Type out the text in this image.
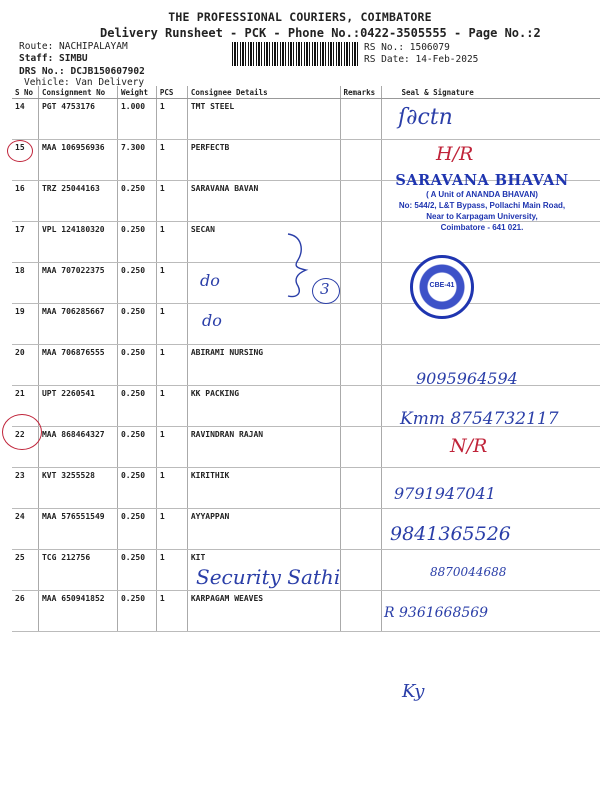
THE PROFESSIONAL COURIERS, COIMBATORE
Delivery Runsheet - PCK - Phone No.:0422-3505555 - Page No.:2
Route: NACHIPALAYAM
Staff: SIMBU
DRS No.: DCJB150607902
Vehicle: Van Delivery
RS No.: 1506079
RS Date: 14-Feb-2025
S No	Consignment No	Weight	PCS	Consignee Details	Remarks	Seal & Signature
14	PGT 4753176	1.000	1	TMT STEEL		
15	MAA 106956936	7.300	1	PERFECTB		
16	TRZ 25044163	0.250	1	SARAVANA BAVAN		
17	VPL 124180320	0.250	1	SECAN		
18	MAA 707022375	0.250	1			
19	MAA 706285667	0.250	1			
20	MAA 706876555	0.250	1	ABIRAMI NURSING		
21	UPT 2260541	0.250	1	KK PACKING		
22	MAA 868464327	0.250	1	RAVINDRAN RAJAN		
23	KVT 3255528	0.250	1	KIRITHIK		
24	MAA 576551549	0.250	1	AYYAPPAN		
25	TCG 212756	0.250	1	KIT		
26	MAA 650941852	0.250	1	KARPAGAM WEAVES		
ſ∂ctn
H/R
do
do
3
9095964594
Kmm 8754732117
N/R
9791947041
9841365526
8870044688
Security Sathi
R 9361668569
Ky
SARAVANA BHAVAN
( A Unit of ANANDA BHAVAN)
No: 544/2, L&T Bypass, Pollachi Main Road,
Near to Karpagam University,
Coimbatore - 641 021.
CBE-41
